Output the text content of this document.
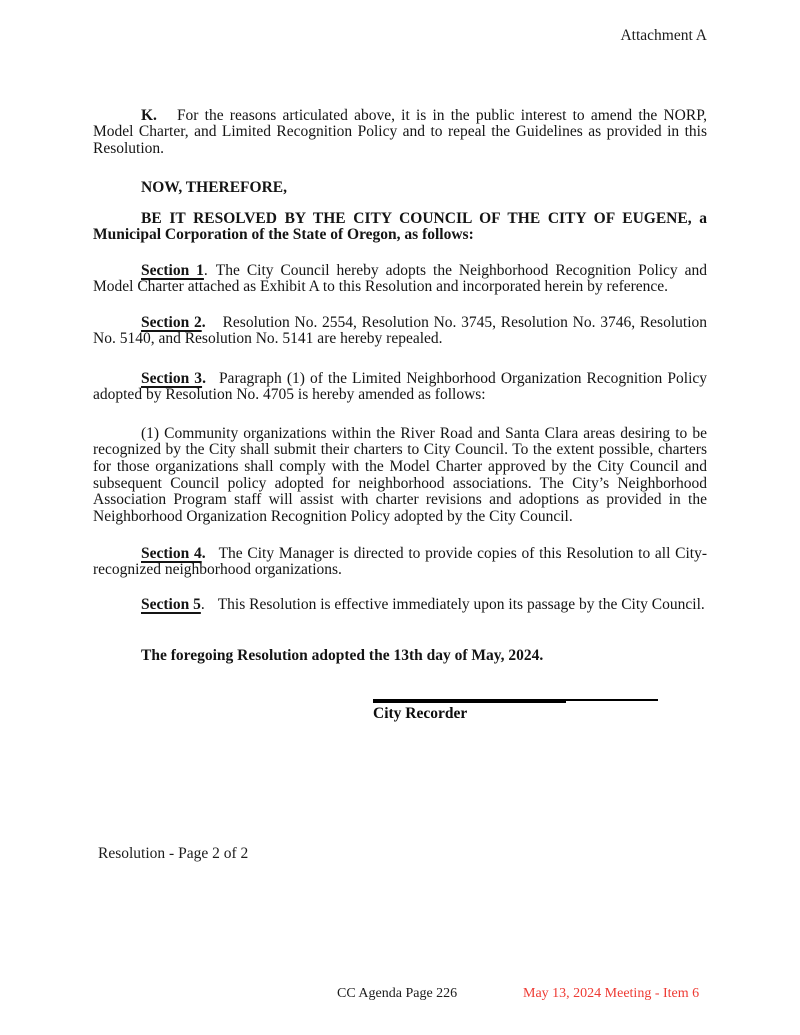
Attachment A

K. For the reasons articulated above, it is in the public interest to amend the NORP, Model Charter, and Limited Recognition Policy and to repeal the Guidelines as provided in this Resolution.

NOW, THEREFORE,

BE IT RESOLVED BY THE CITY COUNCIL OF THE CITY OF EUGENE, a Municipal Corporation of the State of Oregon, as follows:

Section 1. The City Council hereby adopts the Neighborhood Recognition Policy and Model Charter attached as Exhibit A to this Resolution and incorporated herein by reference.

Section 2. Resolution No. 2554, Resolution No. 3745, Resolution No. 3746, Resolution No. 5140, and Resolution No. 5141 are hereby repealed.

Section 3. Paragraph (1) of the Limited Neighborhood Organization Recognition Policy adopted by Resolution No. 4705 is hereby amended as follows:

(1) Community organizations within the River Road and Santa Clara areas desiring to be recognized by the City shall submit their charters to City Council. To the extent possible, charters for those organizations shall comply with the Model Charter approved by the City Council and subsequent Council policy adopted for neighborhood associations. The City’s Neighborhood Association Program staff will assist with charter revisions and adoptions as provided in the Neighborhood Organization Recognition Policy adopted by the City Council.

Section 4. The City Manager is directed to provide copies of this Resolution to all City-recognized neighborhood organizations.

Section 5. This Resolution is effective immediately upon its passage by the City Council.

The foregoing Resolution adopted the 13th day of May, 2024.

City Recorder
Resolution - Page 2 of 2
CC Agenda Page 226	May 13, 2024 Meeting - Item 6
